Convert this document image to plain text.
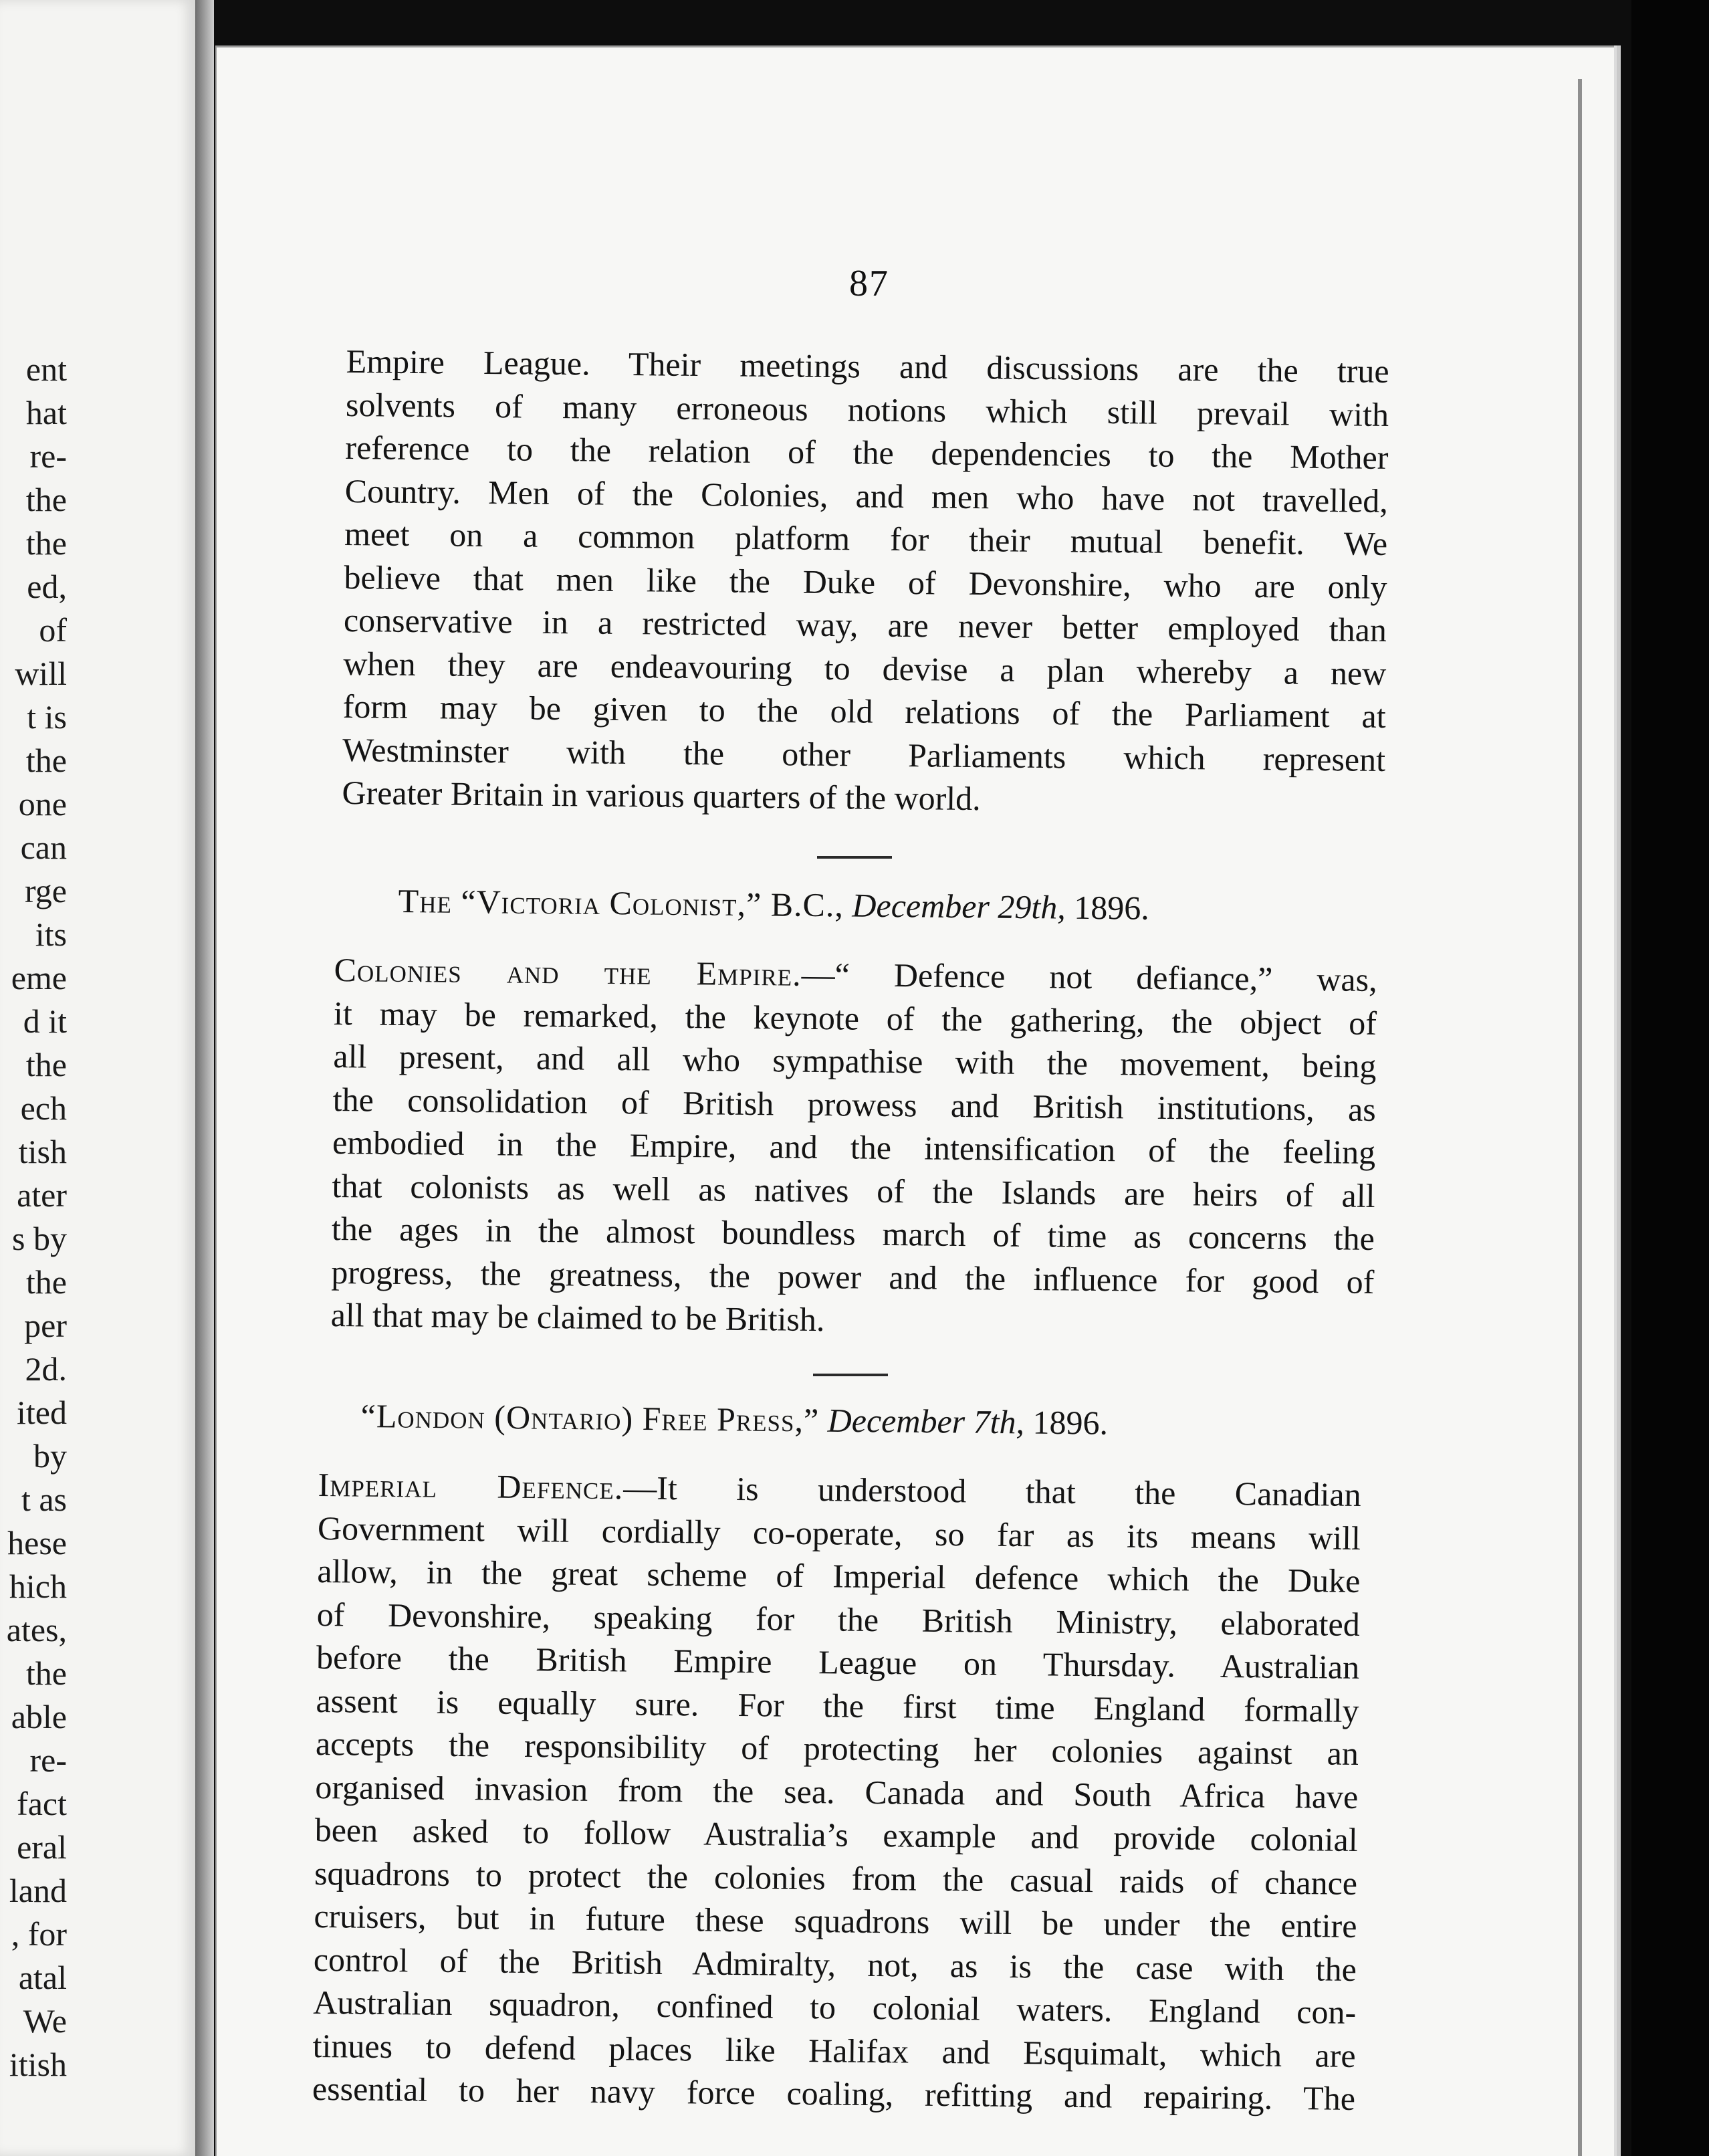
ent
hat
re-
the
the
ed,
of
will
t is
the
one
can
rge
its
eme
d it
the
ech
tish
ater
s by
the
per
2d.
ited
by
t as
hese
hich
ates,
the
able
re-
fact
eral
land
, for
atal
We
itish
87
Empire League. Their meetings and discussions are the true
solvents of many erroneous notions which still prevail with
reference to the relation of the dependencies to the Mother
Country. Men of the Colonies, and men who have not travelled,
meet on a common platform for their mutual benefit. We
believe that men like the Duke of Devonshire, who are only
conservative in a restricted way, are never better employed than
when they are endeavouring to devise a plan whereby a new
form may be given to the old relations of the Parliament at
Westminster with the other Parliaments which represent
Greater Britain in various quarters of the world.
The “Victoria Colonist,” B.C., December 29th, 1896.
Colonies and the Empire.—“ Defence not defiance,” was,
it may be remarked, the keynote of the gathering, the object of
all present, and all who sympathise with the movement, being
the consolidation of British prowess and British institutions, as
embodied in the Empire, and the intensification of the feeling
that colonists as well as natives of the Islands are heirs of all
the ages in the almost boundless march of time as concerns the
progress, the greatness, the power and the influence for good of
all that may be claimed to be British.
“London (Ontario) Free Press,” December 7th, 1896.
Imperial Defence.—It is understood that the Canadian
Government will cordially co-operate, so far as its means will
allow, in the great scheme of Imperial defence which the Duke
of Devonshire, speaking for the British Ministry, elaborated
before the British Empire League on Thursday. Australian
assent is equally sure. For the first time England formally
accepts the responsibility of protecting her colonies against an
organised invasion from the sea. Canada and South Africa have
been asked to follow Australia’s example and provide colonial
squadrons to protect the colonies from the casual raids of chance
cruisers, but in future these squadrons will be under the entire
control of the British Admiralty, not, as is the case with the
Australian squadron, confined to colonial waters. England con-
tinues to defend places like Halifax and Esquimalt, which are
essential to her navy force coaling, refitting and repairing. The
